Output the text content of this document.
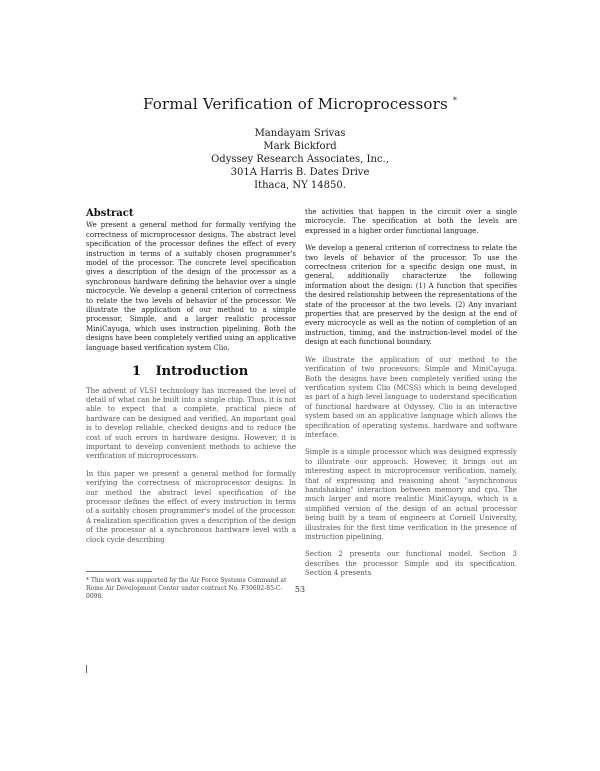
Formal Verification of Microprocessors *
Mandayam Srivas
Mark Bickford
Odyssey Research Associates, Inc.,
301A Harris B. Dates Drive
Ithaca, NY 14850.
Abstract

We present a general method for formally verifying the correctness of microprocessor designs. The abstract level specification of the processor defines the effect of every instruction in terms of a suitably chosen programmer's model of the processor. The concrete level specification gives a description of the design of the processor as a synchronous hardware defining the behavior over a single microcycle. We develop a general criterion of correctness to relate the two levels of behavior of the processor. We illustrate the application of our method to a simple processor, Simple, and a larger realistic processor MiniCayuga, which uses instruction pipelining. Both the designs have been completely verified using an applicative language based verification system Clio.

1 Introduction

The advent of VLSI technology has increased the level of detail of what can be built into a single chip. Thus, it is not able to expect that a complete, practical piece of hardware can be designed and verified. An important goal is to develop reliable, checked designs and to reduce the cost of such errors in hardware designs. However, it is important to develop convenient methods to achieve the verification of microprocessors.

In this paper we present a general method for formally verifying the correctness of microprocessor designs. In our method the abstract level specification of the processor defines the effect of every instruction in terms of a suitably chosen programmer's model of the processor. A realization specification gives a description of the design of the processor at a synchronous hardware level with a clock cycle describing

the activities that happen in the circuit over a single microcycle. The specification at both the levels are expressed in a higher order functional language.

We develop a general criterion of correctness to relate the two levels of behavior of the processor. To use the correctness criterion for a specific design one must, in general, additionally characterize the following information about the design: (1) A function that specifies the desired relationship between the representations of the state of the processor at the two levels. (2) Any invariant properties that are preserved by the design at the end of every microcycle as well as the notion of completion of an instruction, timing, and the instruction-level model of the design at each functional boundary.

We illustrate the application of our method to the verification of two processors: Simple and MiniCayuga. Both the designs have been completely verified using the verification system Clio (MCSS) which is being developed as part of a high level language to understand specification of functional hardware at Odyssey. Clio is an interactive system based on an applicative language which allows the specification of operating systems, hardware and software interface.

Simple is a simple processor which was designed expressly to illustrate our approach. However, it brings out an interesting aspect in microprocessor verification, namely, that of expressing and reasoning about "asynchronous handshaking" interaction between memory and cpu. The much larger and more realistic MiniCayuga, which is a simplified version of the design of an actual processor being built by a team of engineers at Cornell University, illustrates for the first time verification in the presence of instruction pipelining.

Section 2 presents our functional model. Section 3 describes the processor Simple and its specification. Section 4 presents

* This work was supported by the Air Force Systems Command at Rome Air Development Center under contract No. F30602-85-C-0098.
53
